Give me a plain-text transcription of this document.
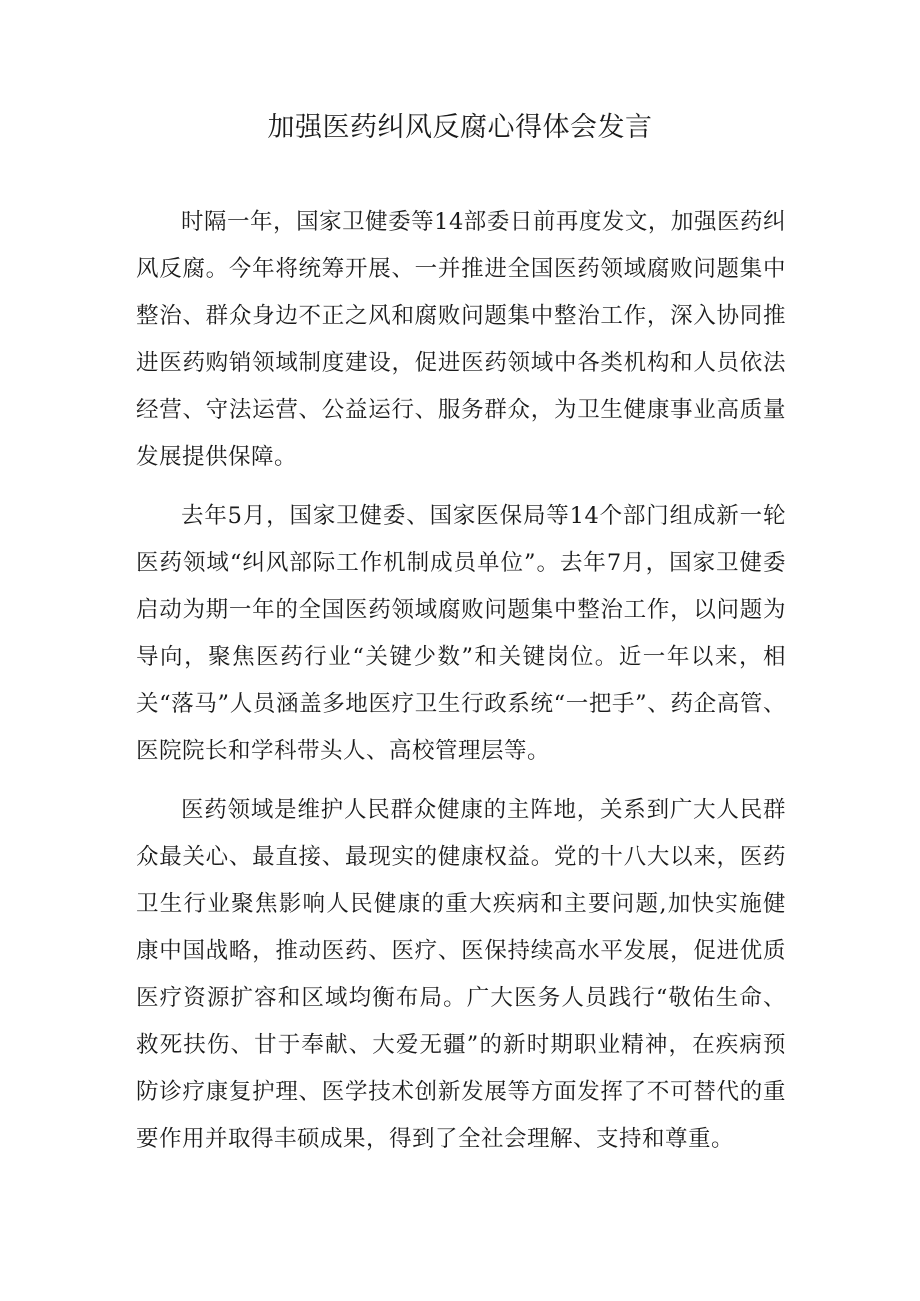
加强医药纠风反腐心得体会发言

时隔一年，国家卫健委等14部委日前再度发文，加强医药纠风反腐。今年将统筹开展、一并推进全国医药领域腐败问题集中整治、群众身边不正之风和腐败问题集中整治工作，深入协同推进医药购销领域制度建设，促进医药领域中各类机构和人员依法经营、守法运营、公益运行、服务群众，为卫生健康事业高质量发展提供保障。

去年5月，国家卫健委、国家医保局等14个部门组成新一轮医药领域“纠风部际工作机制成员单位”。去年7月，国家卫健委启动为期一年的全国医药领域腐败问题集中整治工作，以问题为导向，聚焦医药行业“关键少数”和关键岗位。近一年以来，相关“落马”人员涵盖多地医疗卫生行政系统“一把手”、药企高管、医院院长和学科带头人、高校管理层等。

医药领域是维护人民群众健康的主阵地，关系到广大人民群众最关心、最直接、最现实的健康权益。党的十八大以来，医药卫生行业聚焦影响人民健康的重大疾病和主要问题,加快实施健康中国战略，推动医药、医疗、医保持续高水平发展，促进优质医疗资源扩容和区域均衡布局。广大医务人员践行“敬佑生命、救死扶伤、甘于奉献、大爱无疆”的新时期职业精神，在疾病预防诊疗康复护理、医学技术创新发展等方面发挥了不可替代的重要作用并取得丰硕成果，得到了全社会理解、支持和尊重。
